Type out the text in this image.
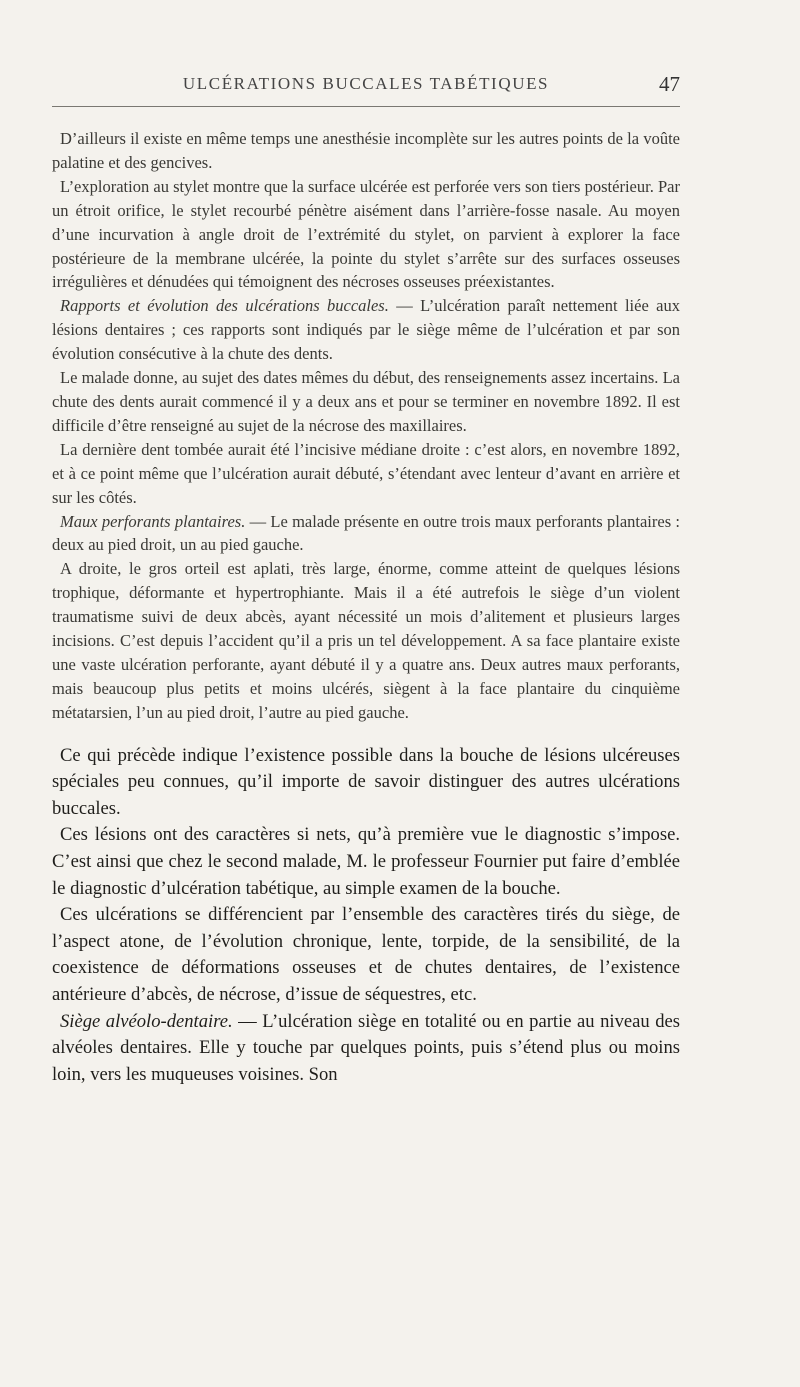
ULCÉRATIONS BUCCALES TABÉTIQUES	47

D’ailleurs il existe en même temps une anesthésie incomplète sur les autres points de la voûte palatine et des gencives.

L’exploration au stylet montre que la surface ulcérée est perforée vers son tiers postérieur. Par un étroit orifice, le stylet recourbé pénètre aisément dans l’arrière-fosse nasale. Au moyen d’une incurvation à angle droit de l’extrémité du stylet, on parvient à explorer la face postérieure de la membrane ulcérée, la pointe du stylet s’arrête sur des surfaces osseuses irrégulières et dénudées qui témoignent des nécroses osseuses préexistantes.

Rapports et évolution des ulcérations buccales. — L’ulcération paraît nettement liée aux lésions dentaires ; ces rapports sont indiqués par le siège même de l’ulcération et par son évolution consécutive à la chute des dents.

Le malade donne, au sujet des dates mêmes du début, des renseignements assez incertains. La chute des dents aurait commencé il y a deux ans et pour se terminer en novembre 1892. Il est difficile d’être renseigné au sujet de la nécrose des maxillaires.

La dernière dent tombée aurait été l’incisive médiane droite : c’est alors, en novembre 1892, et à ce point même que l’ulcération aurait débuté, s’étendant avec lenteur d’avant en arrière et sur les côtés.

Maux perforants plantaires. — Le malade présente en outre trois maux perforants plantaires : deux au pied droit, un au pied gauche.

A droite, le gros orteil est aplati, très large, énorme, comme atteint de quelques lésions trophique, déformante et hypertrophiante. Mais il a été autrefois le siège d’un violent traumatisme suivi de deux abcès, ayant nécessité un mois d’alitement et plusieurs larges incisions. C’est depuis l’accident qu’il a pris un tel développement. A sa face plantaire existe une vaste ulcération perforante, ayant débuté il y a quatre ans. Deux autres maux perforants, mais beaucoup plus petits et moins ulcérés, siègent à la face plantaire du cinquième métatarsien, l’un au pied droit, l’autre au pied gauche.

Ce qui précède indique l’existence possible dans la bouche de lésions ulcéreuses spéciales peu connues, qu’il importe de savoir distinguer des autres ulcérations buccales.

Ces lésions ont des caractères si nets, qu’à première vue le diagnostic s’impose. C’est ainsi que chez le second malade, M. le professeur Fournier put faire d’emblée le diagnostic d’ulcération tabétique, au simple examen de la bouche.

Ces ulcérations se différencient par l’ensemble des caractères tirés du siège, de l’aspect atone, de l’évolution chronique, lente, torpide, de la sensibilité, de la coexistence de déformations osseuses et de chutes dentaires, de l’existence antérieure d’abcès, de nécrose, d’issue de séquestres, etc.

Siège alvéolo-dentaire. — L’ulcération siège en totalité ou en partie au niveau des alvéoles dentaires. Elle y touche par quelques points, puis s’étend plus ou moins loin, vers les muqueuses voisines. Son
